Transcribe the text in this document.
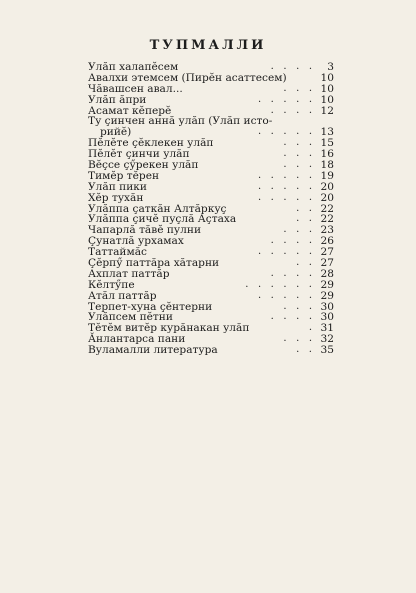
ТУПМАЛЛИ
Улӑп халапӗсем	.   .   .   . 3
Авалхи этемсем (Пирӗн асаттесем)	10
Чӑвашсен авал...	.   .   . 10
Улӑп ӑпри	.   .   .   .   . 10
Асамат кӗперӗ	.   .   .   . 12
Ту ҫинчен аннӑ улӑп (Улӑп исто-
рийӗ)	.   .   .   .   . 13
Пӗлӗте ҫӗклекен улӑп	.   .   . 15
Пӗлӗт ҫинчи улӑп	.   .   . 16
Вӗҫсе ҫӳрекен улӑп	.   .   . 18
Тимӗр тӗрен	.   .   .   .   . 19
Улӑп пики	.   .   .   .   . 20
Хӗр тухӑн	.   .   .   .   . 20
Улӑппа ҫаткӑн Алтӑркуҫ	.   . 22
Улӑппа ҫичӗ пуҫлӑ Аҫтаха	.   . 22
Чапарлӑ тӑвӗ пулни	.   .   . 23
Ҫунатлӑ урхамах	.   .   .   . 26
Таттаймӑс	.   .   .   .   . 27
Ҫӗрпӳ паттӑра хӑтарни	.   . 27
Ахплат паттӑр	.   .   .   . 28
Кӗлтӳпе	.   .   .   .   .   . 29
Атӑл паттӑр	.   .   .   .   . 29
Терпет-хуна ҫӗнтерни	.   .   . 30
Улӑпсем пӗтни	.   .   .   . 30
Тӗтӗм витӗр курӑнакан улӑп	. 31
Ӑнлантарса пани	.   .   . 32
Вуламалли литература	.   . 35
